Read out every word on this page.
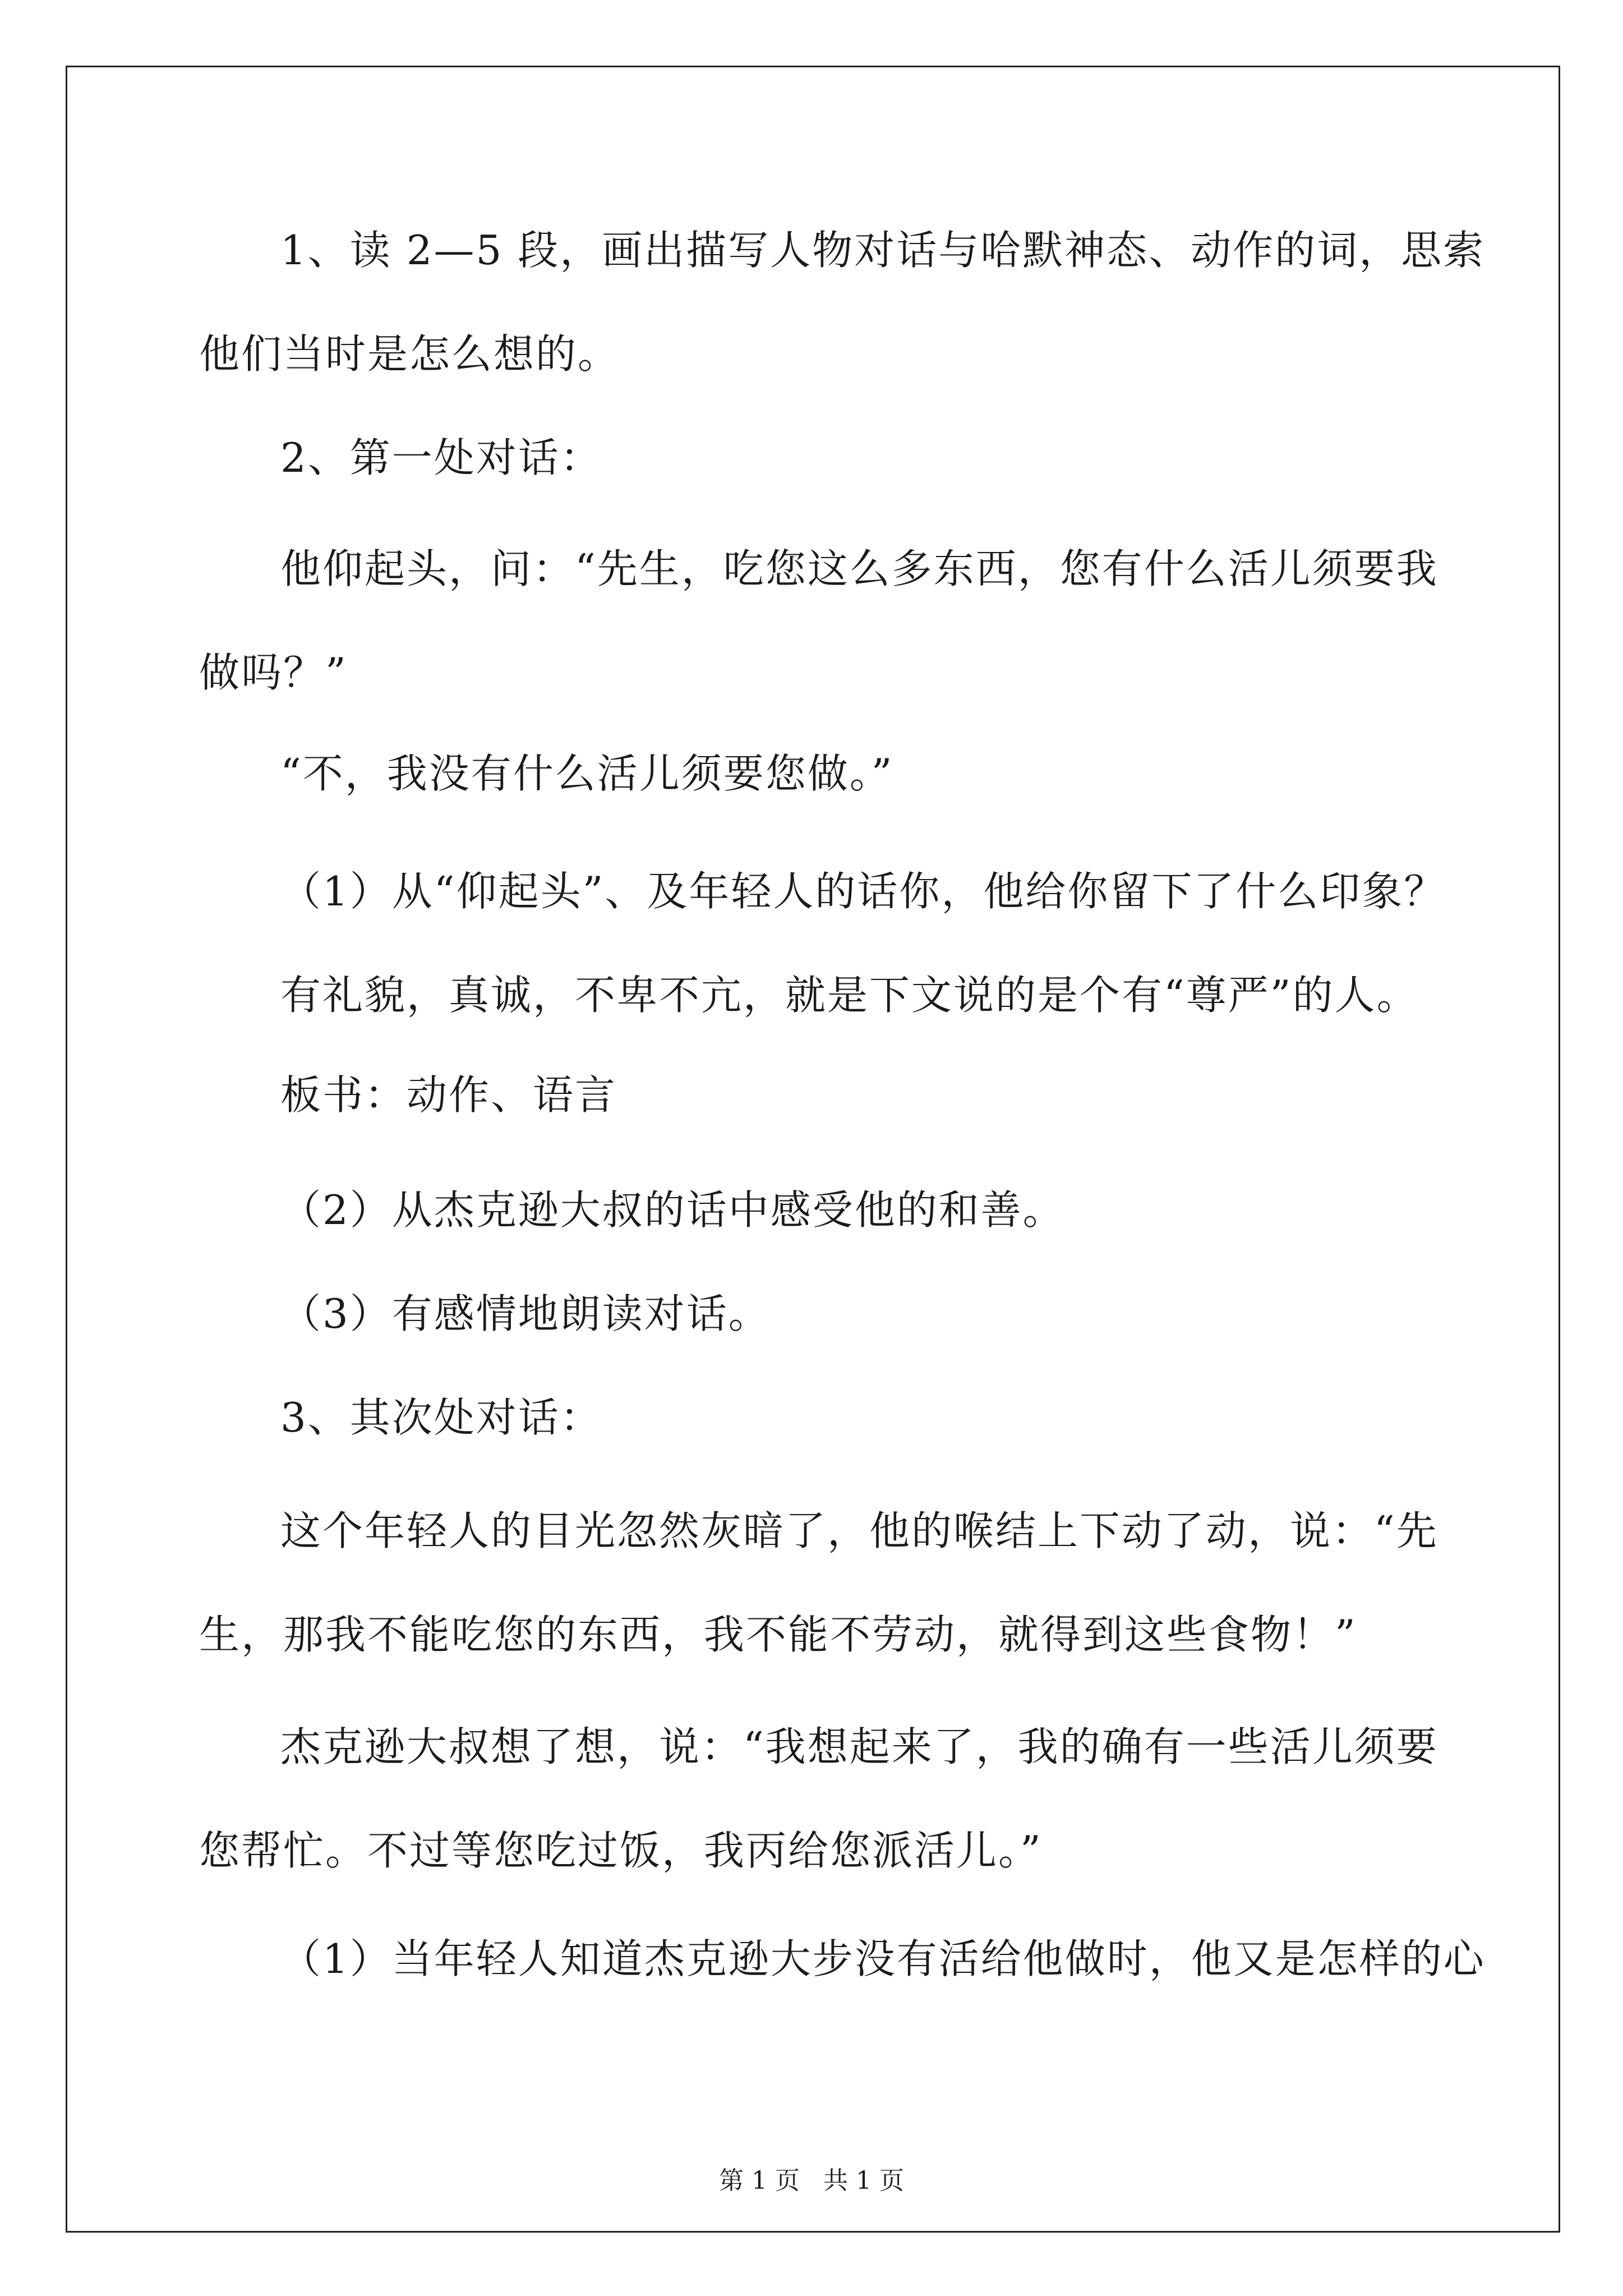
1、读 2—5 段，画出描写人物对话与哈默神态、动作的词，思索
他们当时是怎么想的。
2、第一处对话：
他仰起头，问：“先生，吃您这么多东西，您有什么活儿须要我
做吗？”
“不，我没有什么活儿须要您做。”
（1）从“仰起头”、及年轻人的话你，他给你留下了什么印象？
有礼貌，真诚，不卑不亢，就是下文说的是个有“尊严”的人。
板书：动作、语言
（2）从杰克逊大叔的话中感受他的和善。
（3）有感情地朗读对话。
3、其次处对话：
这个年轻人的目光忽然灰暗了，他的喉结上下动了动，说：“先
生，那我不能吃您的东西，我不能不劳动，就得到这些食物！”
杰克逊大叔想了想，说：“我想起来了，我的确有一些活儿须要
您帮忙。不过等您吃过饭，我丙给您派活儿。”
（1）当年轻人知道杰克逊大步没有活给他做时，他又是怎样的心
第 1 页   共 1 页
